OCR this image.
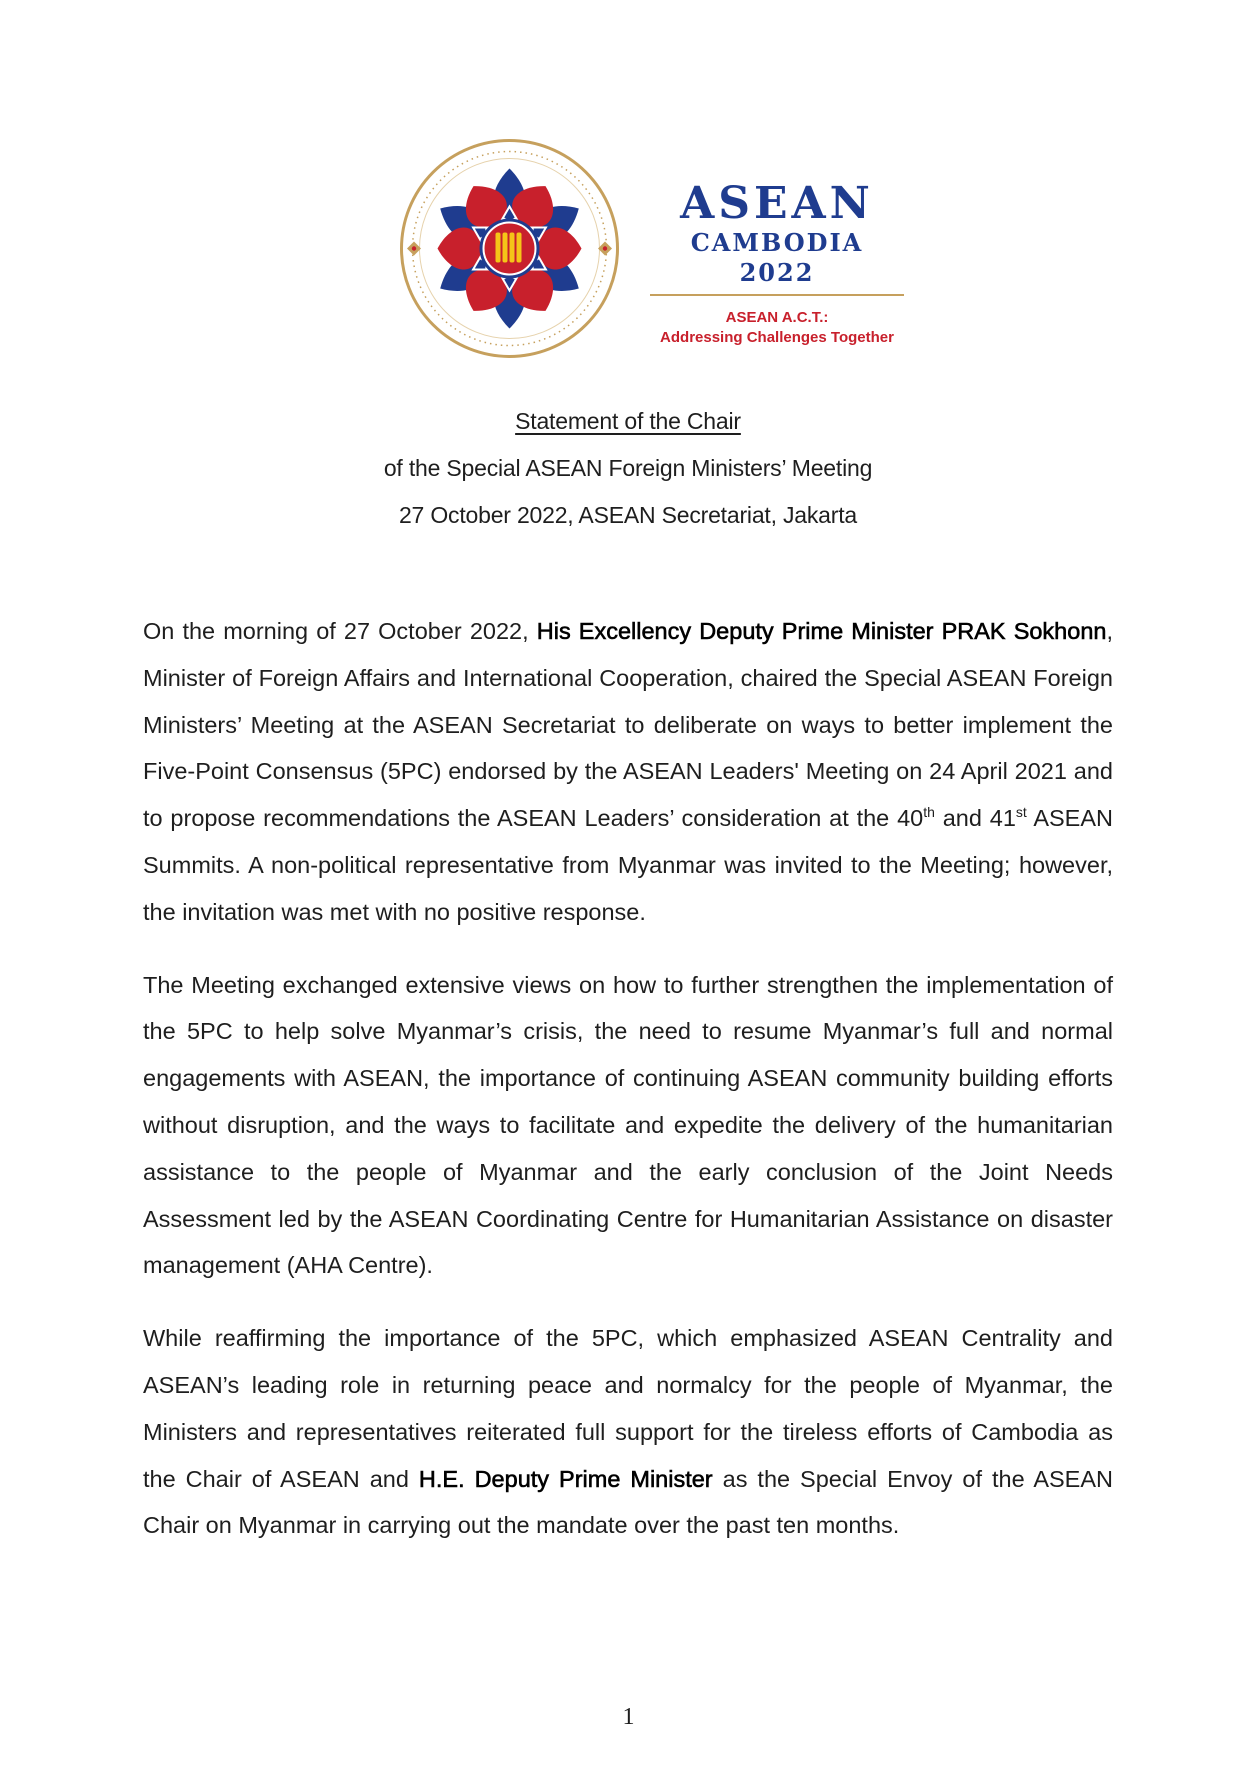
ASEAN
CAMBODIA 2022
ASEAN A.C.T.:
Addressing Challenges Together
Statement of the Chair
of the Special ASEAN Foreign Ministers’ Meeting
27 October 2022, ASEAN Secretariat, Jakarta

On the morning of 27 October 2022, His Excellency Deputy Prime Minister PRAK Sokhonn, Minister of Foreign Affairs and International Cooperation, chaired the Special ASEAN Foreign Ministers’ Meeting at the ASEAN Secretariat to deliberate on ways to better implement the Five-Point Consensus (5PC) endorsed by the ASEAN Leaders' Meeting on 24 April 2021 and to propose recommendations the ASEAN Leaders’ consideration at the 40th and 41st ASEAN Summits. A non-political representative from Myanmar was invited to the Meeting; however, the invitation was met with no positive response.

The Meeting exchanged extensive views on how to further strengthen the implementation of the 5PC to help solve Myanmar’s crisis, the need to resume Myanmar’s full and normal engagements with ASEAN, the importance of continuing ASEAN community building efforts without disruption, and the ways to facilitate and expedite the delivery of the humanitarian assistance to the people of Myanmar and the early conclusion of the Joint Needs Assessment led by the ASEAN Coordinating Centre for Humanitarian Assistance on disaster management (AHA Centre).

While reaffirming the importance of the 5PC, which emphasized ASEAN Centrality and ASEAN’s leading role in returning peace and normalcy for the people of Myanmar, the Ministers and representatives reiterated full support for the tireless efforts of Cambodia as the Chair of ASEAN and H.E. Deputy Prime Minister as the Special Envoy of the ASEAN Chair on Myanmar in carrying out the mandate over the past ten months.

1
